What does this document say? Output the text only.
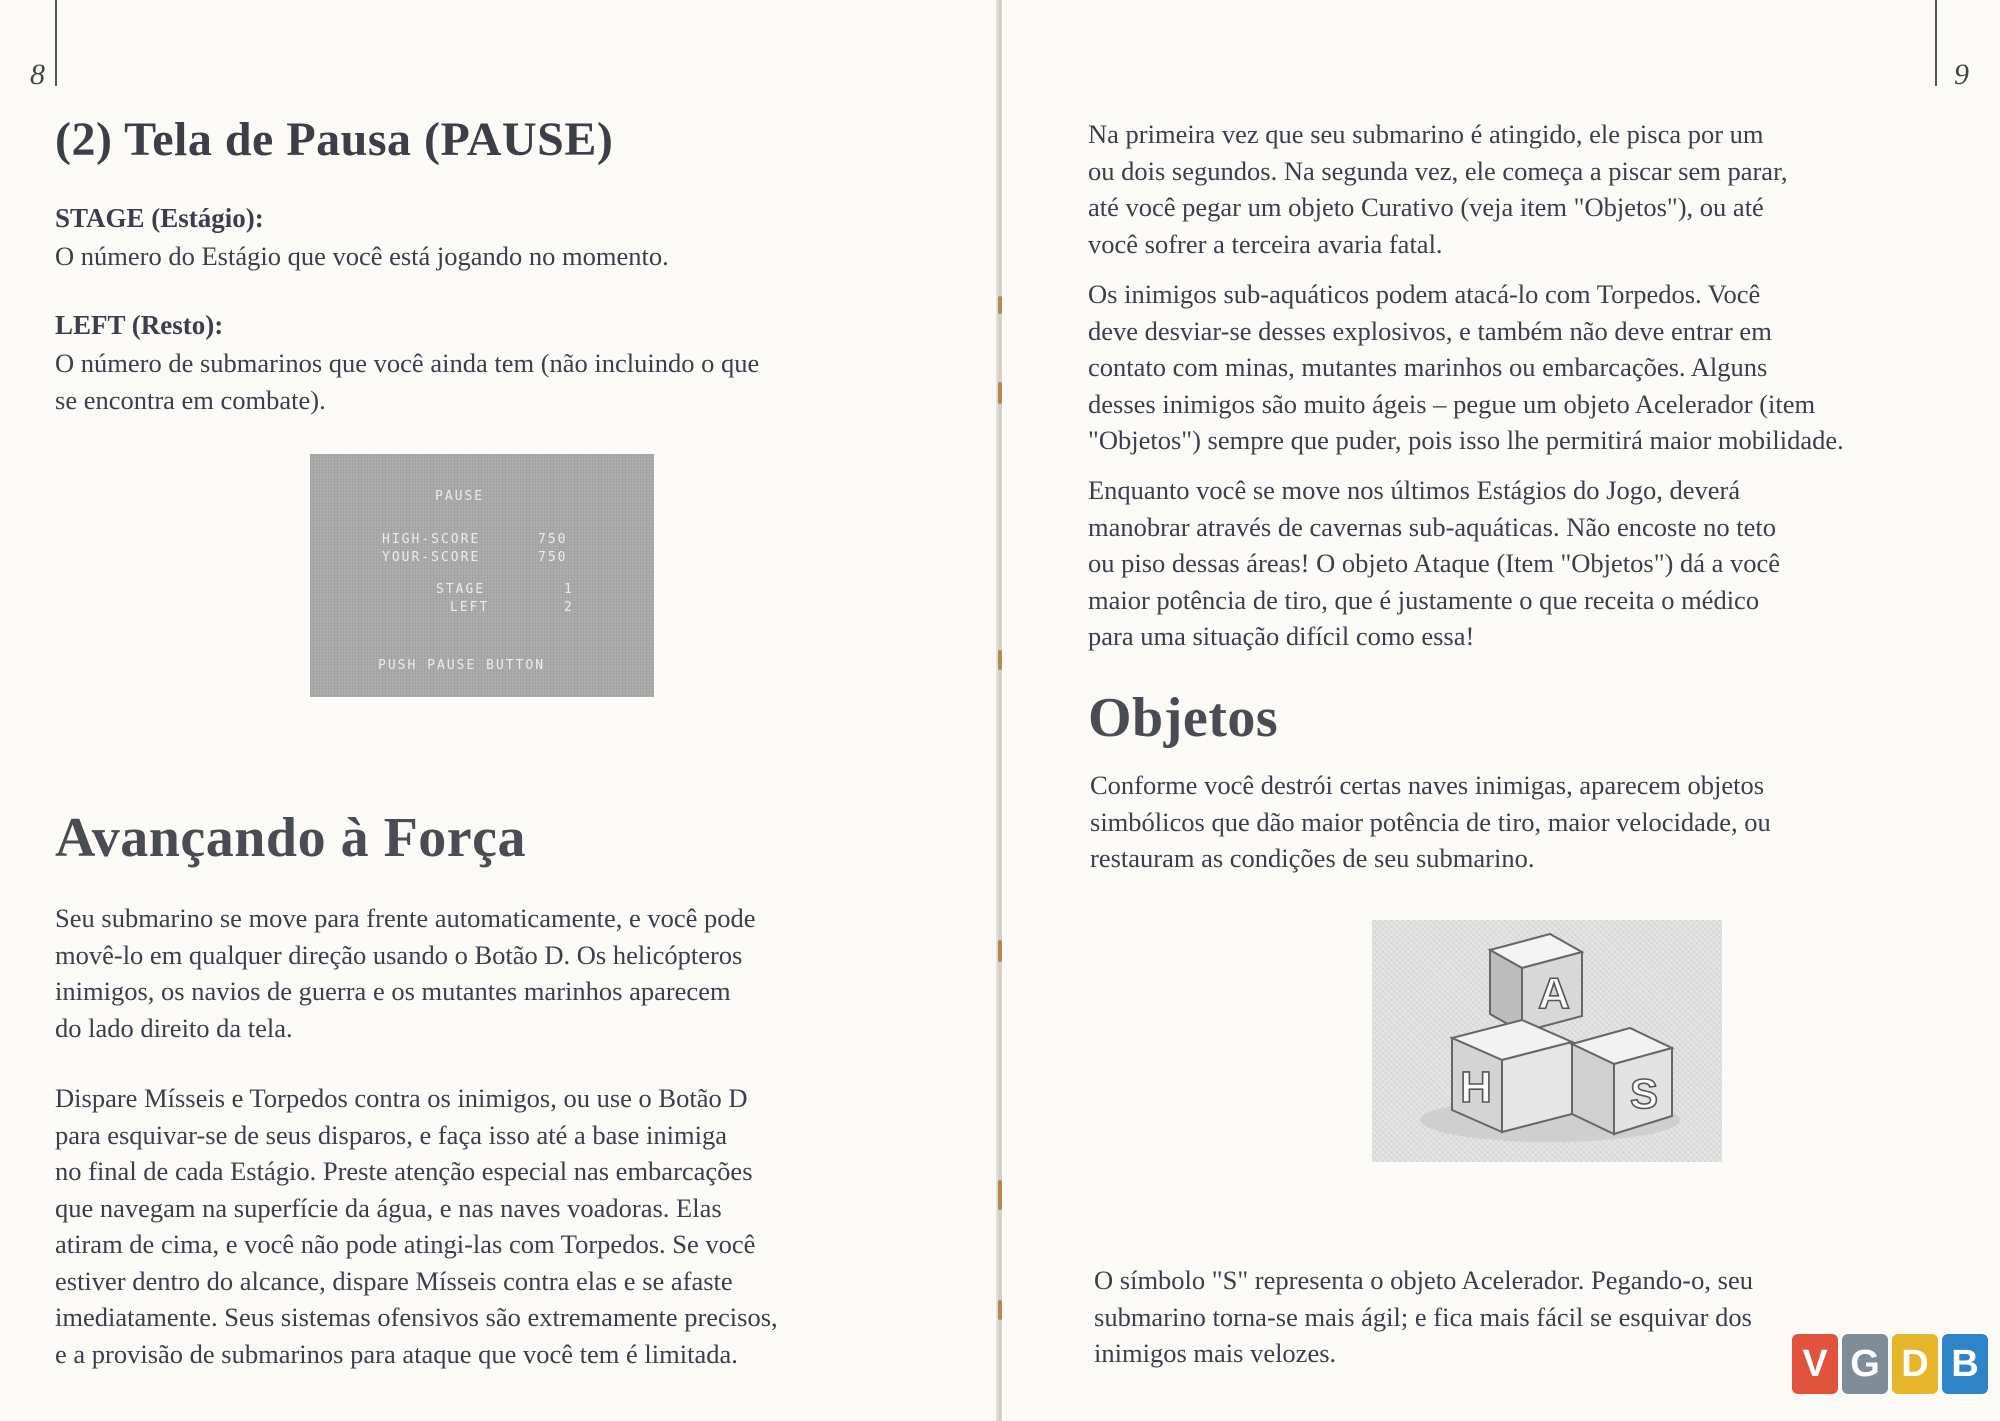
8
(2) Tela de Pausa (PAUSE)
STAGE (Estágio):
O número do Estágio que você está jogando no momento.
LEFT (Resto):
O número de submarinos que você ainda tem (não incluindo o que
se encontra em combate).
PAUSE
HIGH-SCORE	750
YOUR-SCORE	750
STAGE	1
LEFT	2
PUSH PAUSE BUTTON
Avançando à Força
Seu submarino se move para frente automaticamente, e você pode
movê-lo em qualquer direção usando o Botão D. Os helicópteros
inimigos, os navios de guerra e os mutantes marinhos aparecem
do lado direito da tela.
Dispare Mísseis e Torpedos contra os inimigos, ou use o Botão D
para esquivar-se de seus disparos, e faça isso até a base inimiga
no final de cada Estágio. Preste atenção especial nas embarcações
que navegam na superfície da água, e nas naves voadoras. Elas
atiram de cima, e você não pode atingi-las com Torpedos. Se você
estiver dentro do alcance, dispare Mísseis contra elas e se afaste
imediatamente. Seus sistemas ofensivos são extremamente precisos,
e a provisão de submarinos para ataque que você tem é limitada.
9
Na primeira vez que seu submarino é atingido, ele pisca por um
ou dois segundos. Na segunda vez, ele começa a piscar sem parar,
até você pegar um objeto Curativo (veja item "Objetos"), ou até
você sofrer a terceira avaria fatal.
Os inimigos sub-aquáticos podem atacá-lo com Torpedos. Você
deve desviar-se desses explosivos, e também não deve entrar em
contato com minas, mutantes marinhos ou embarcações. Alguns
desses inimigos são muito ágeis – pegue um objeto Acelerador (item
"Objetos") sempre que puder, pois isso lhe permitirá maior mobilidade.
Enquanto você se move nos últimos Estágios do Jogo, deverá
manobrar através de cavernas sub-aquáticas. Não encoste no teto
ou piso dessas áreas! O objeto Ataque (Item "Objetos") dá a você
maior potência de tiro, que é justamente o que receita o médico
para uma situação difícil como essa!
Objetos
Conforme você destrói certas naves inimigas, aparecem objetos
simbólicos que dão maior potência de tiro, maior velocidade, ou
restauram as condições de seu submarino.
O símbolo "S" representa o objeto Acelerador. Pegando-o, seu
submarino torna-se mais ágil; e fica mais fácil se esquivar dos
inimigos mais velozes.
A
H	S
V G D B
